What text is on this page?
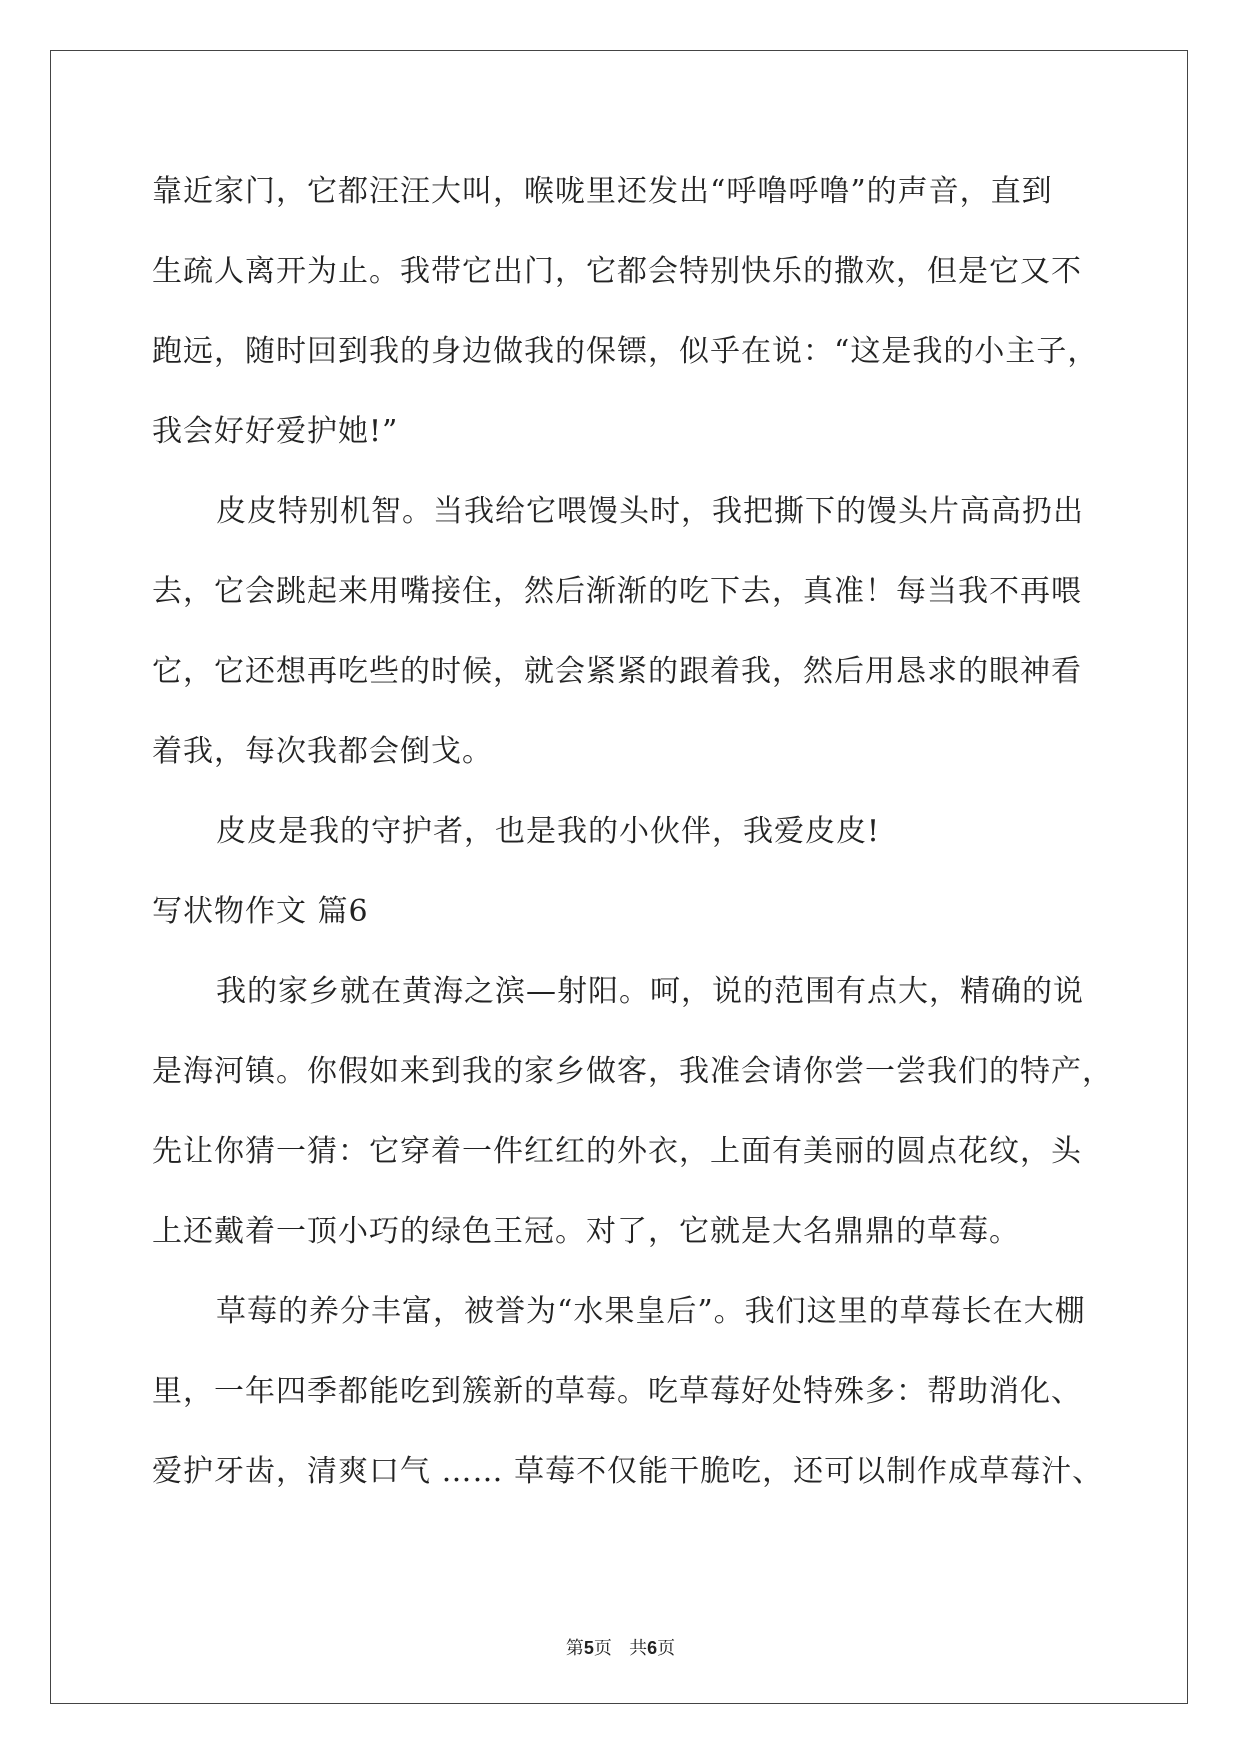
靠近家门，它都汪汪大叫，喉咙里还发出“呼噜呼噜”的声音，直到
生疏人离开为止。我带它出门，它都会特别快乐的撒欢，但是它又不
跑远，随时回到我的身边做我的保镖，似乎在说：“这是我的小主子，
我会好好爱护她!”
皮皮特别机智。当我给它喂馒头时，我把撕下的馒头片高高扔出
去，它会跳起来用嘴接住，然后渐渐的吃下去，真准！每当我不再喂
它，它还想再吃些的时候，就会紧紧的跟着我，然后用恳求的眼神看
着我，每次我都会倒戈。
皮皮是我的守护者，也是我的小伙伴，我爱皮皮!
写状物作文 篇6
我的家乡就在黄海之滨—射阳。呵，说的范围有点大，精确的说
是海河镇。你假如来到我的家乡做客，我准会请你尝一尝我们的特产，
先让你猜一猜：它穿着一件红红的外衣，上面有美丽的圆点花纹，头
上还戴着一顶小巧的绿色王冠。对了，它就是大名鼎鼎的草莓。
草莓的养分丰富，被誉为“水果皇后”。我们这里的草莓长在大棚
里，一年四季都能吃到簇新的草莓。吃草莓好处特殊多：帮助消化、
爱护牙齿，清爽口气 …… 草莓不仅能干脆吃，还可以制作成草莓汁、
第5页   共6页
